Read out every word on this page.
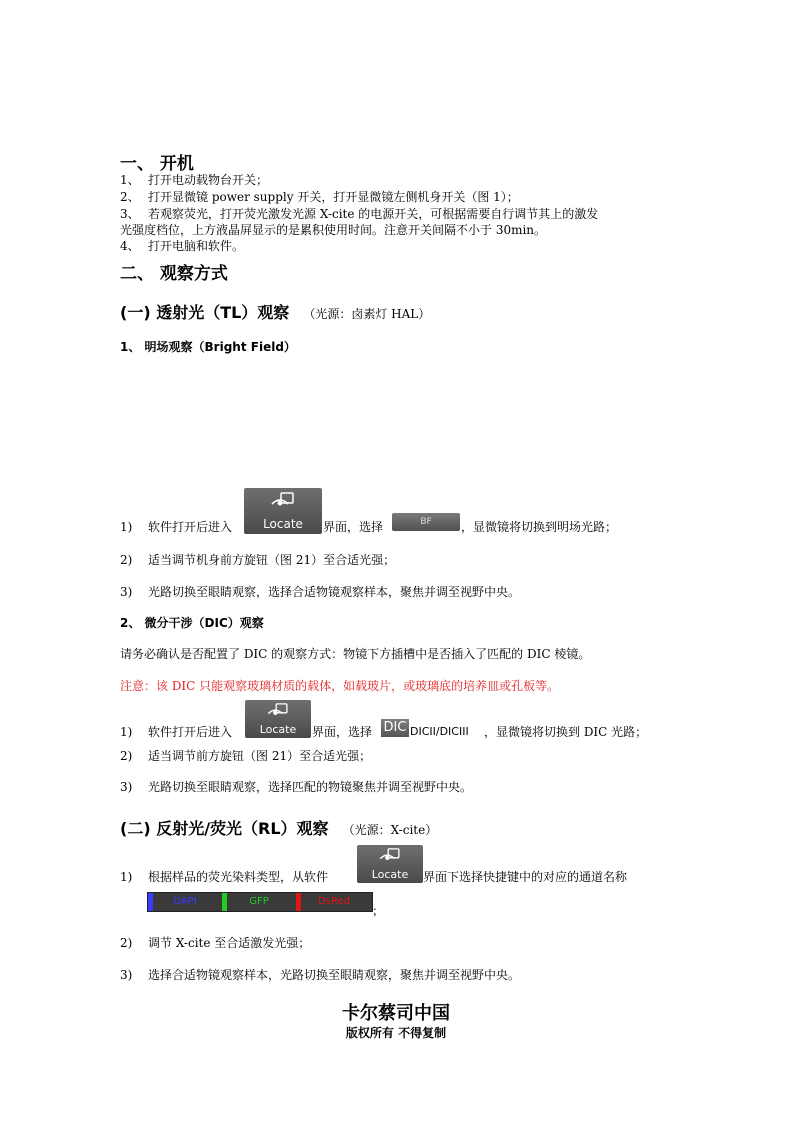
一、 开机
1、 打开电动载物台开关；
2、 打开显微镜 power supply 开关，打开显微镜左侧机身开关（图 1）；
3、 若观察荧光，打开荧光激发光源 X-cite 的电源开关，可根据需要自行调节其上的激发
光强度档位，上方液晶屏显示的是累积使用时间。注意开关间隔不小于 30min。
4、 打开电脑和软件。
二、 观察方式
(一) 透射光（TL）观察 （光源：卤素灯 HAL）
1、 明场观察（Bright Field）
1) 软件打开后进入	Locate	界面，选择	BF	，显微镜将切换到明场光路；
2) 适当调节机身前方旋钮（图 21）至合适光强；
3) 光路切换至眼睛观察，选择合适物镜观察样本，聚焦并调至视野中央。
2、 微分干涉（DIC）观察
请务必确认是否配置了 DIC 的观察方式：物镜下方插槽中是否插入了匹配的 DIC 棱镜。
注意：该 DIC 只能观察玻璃材质的载体，如载玻片，或玻璃底的培养皿或孔板等。
1) 软件打开后进入	Locate	界面，选择 DIC DICII/DICIII ，显微镜将切换到 DIC 光路；
2) 适当调节前方旋钮（图 21）至合适光强；
3) 光路切换至眼睛观察，选择匹配的物镜聚焦并调至视野中央。
(二) 反射光/荧光（RL）观察 （光源：X-cite）
1) 根据样品的荧光染料类型，从软件	Locate	界面下选择快捷键中的对应的通道名称
DAPI	GFP	DsRed
；
2) 调节 X-cite 至合适激发光强；
3) 选择合适物镜观察样本，光路切换至眼睛观察，聚焦并调至视野中央。
卡尔蔡司中国
版权所有 不得复制
